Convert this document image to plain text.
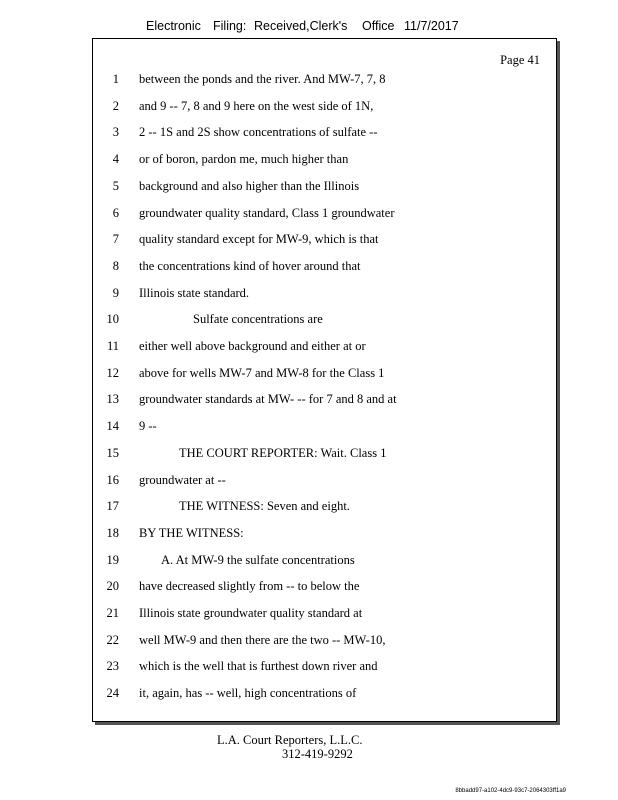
Electronic Filing: Received,Clerk's Office 11/7/2017
Page 41
1 between the ponds and the river. And MW-7, 7, 8
2 and 9 -- 7, 8 and 9 here on the west side of 1N,
3 2 -- 1S and 2S show concentrations of sulfate --
4 or of boron, pardon me, much higher than
5 background and also higher than the Illinois
6 groundwater quality standard, Class 1 groundwater
7 quality standard except for MW-9, which is that
8 the concentrations kind of hover around that
9 Illinois state standard.
10	Sulfate concentrations are
11 either well above background and either at or
12 above for wells MW-7 and MW-8 for the Class 1
13 groundwater standards at MW- -- for 7 and 8 and at
14 9 --
15	THE COURT REPORTER: Wait. Class 1
16 groundwater at --
17	THE WITNESS: Seven and eight.
18 BY THE WITNESS:
19	A. At MW-9 the sulfate concentrations
20 have decreased slightly from -- to below the
21 Illinois state groundwater quality standard at
22 well MW-9 and then there are the two -- MW-10,
23 which is the well that is furthest down river and
24 it, again, has -- well, high concentrations of
L.A. Court Reporters, L.L.C.
312-419-9292
8bbadd97-a102-4dc9-93c7-2064303ff1a9
